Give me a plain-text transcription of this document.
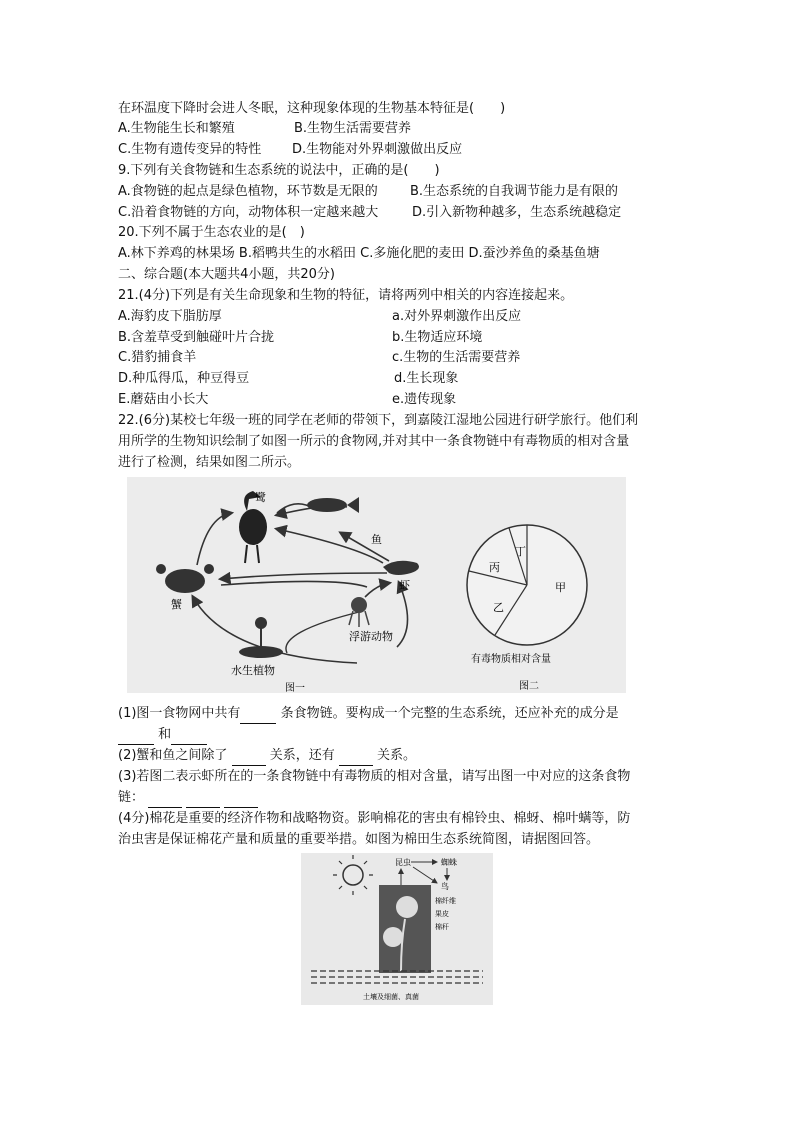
在环温度下降时会进人冬眠，这种现象体现的生物基本特征是(　　)
A.生物能生长和繁殖	B.生物生活需要营养
C.生物有遗传变异的特性 D.生物能对外界刺激做出反应
9.下列有关食物链和生态系统的说法中，正确的是(　　)
A.食物链的起点是绿色植物，环节数是无限的 B.生态系统的自我调节能力是有限的
C.沿着食物链的方向，动物体积一定越来越大	D.引入新物种越多，生态系统越稳定
20.下列不属于生态农业的是(　)
A.林下养鸡的林果场 B.稻鸭共生的水稻田 C.多施化肥的麦田 D.蚕沙养鱼的桑基鱼塘
二、综合题(本大题共4小题，共20分)
21.(4分)下列是有关生命现象和生物的特征，请将两列中相关的内容连接起来。
A.海豹皮下脂肪厚	a.对外界刺激作出反应
B.含羞草受到触碰叶片合拢	b.生物适应环境
C.猎豹捕食羊	c.生物的生活需要营养
D.种瓜得瓜，种豆得豆	d.生长现象
E.蘑菇由小长大	e.遗传现象
22.(6分)某校七年级一班的同学在老师的带领下，到嘉陵江湿地公园进行研学旅行。他们利
用所学的生物知识绘制了如图一所示的食物网,并对其中一条食物链中有毒物质的相对含量
进行了检测，结果如图二所示。
(1)图一食物网中共有	条食物链。要构成一个完整的生态系统，还应补充的成分是
和
(2)蟹和鱼之间除了	关系，还有	关系。
(3)若图二表示虾所在的一条食物链中有毒物质的相对含量，请写出图一中对应的这条食物
链：
(4分)棉花是重要的经济作物和战略物资。影响棉花的害虫有棉铃虫、棉蚜、棉叶螨等，防
治虫害是保证棉花产量和质量的重要举措。如图为棉田生态系统简图，请据图回答。
鹭
鱼
虾
蟹
浮游动物
水生植物
图一
丁
丙
乙
甲
有毒物质相对含量
图二
昆虫	蜘蛛
鸟
棉纤维
果皮
棉秆
土壤及细菌、真菌
